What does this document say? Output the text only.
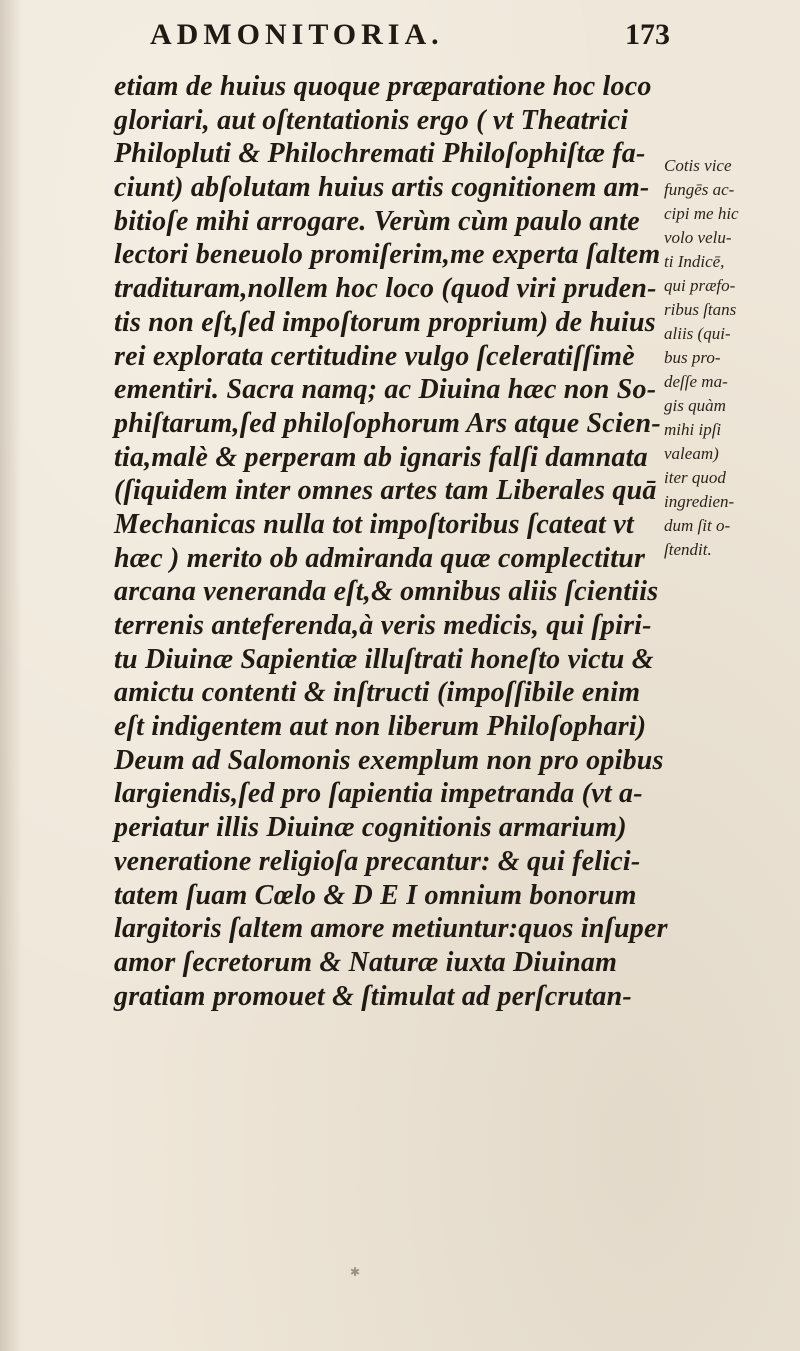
ADMONITORIA.	173
etiam de huius quoque præparatione hoc loco
gloriari, aut oſtentationis ergo ( vt Theatrici
Philopluti & Philochremati Philoſophiſtæ fa-
ciunt) abſolutam huius artis cognitionem am-
bitioſe mihi arrogare. Verùm cùm paulo ante
lectori beneuolo promiſerim,me experta ſaltem
tradituram,nollem hoc loco (quod viri pruden-
tis non eſt,ſed impoſtorum proprium) de huius
rei explorata certitudine vulgo ſceleratiſſimè
ementiri. Sacra namq; ac Diuina hæc non So-
phiſtarum,ſed philoſophorum Ars atque Scien-
tia,malè & perperam ab ignaris falſi damnata
(ſiquidem inter omnes artes tam Liberales quā
Mechanicas nulla tot impoſtoribus ſcateat vt
hæc ) merito ob admiranda quæ complectitur
arcana veneranda eſt,& omnibus aliis ſcientiis
terrenis anteferenda,à veris medicis, qui ſpiri-
tu Diuinæ Sapientiæ illuſtrati honeſto victu &
amictu contenti & inſtructi (impoſſibile enim
eſt indigentem aut non liberum Philoſophari)
Deum ad Salomonis exemplum non pro opibus
largiendis,ſed pro ſapientia impetranda (vt a-
periatur illis Diuinæ cognitionis armarium)
veneratione religioſa precantur: & qui felici-
tatem ſuam Cœlo & D E I omnium bonorum
largitoris ſaltem amore metiuntur:quos inſuper
amor ſecretorum & Naturæ iuxta Diuinam
gratiam promouet & ſtimulat ad perſcrutan-
Cotis vice
fungēs ac-
cipi me hic
volo velu-
ti Indicē,
qui præfo-
ribus ſtans
aliis (qui-
bus pro-
deſſe ma-
gis quàm
mihi ipſi
valeam)
iter quod
ingredien-
dum ſit o-
ſtendit.
✱
